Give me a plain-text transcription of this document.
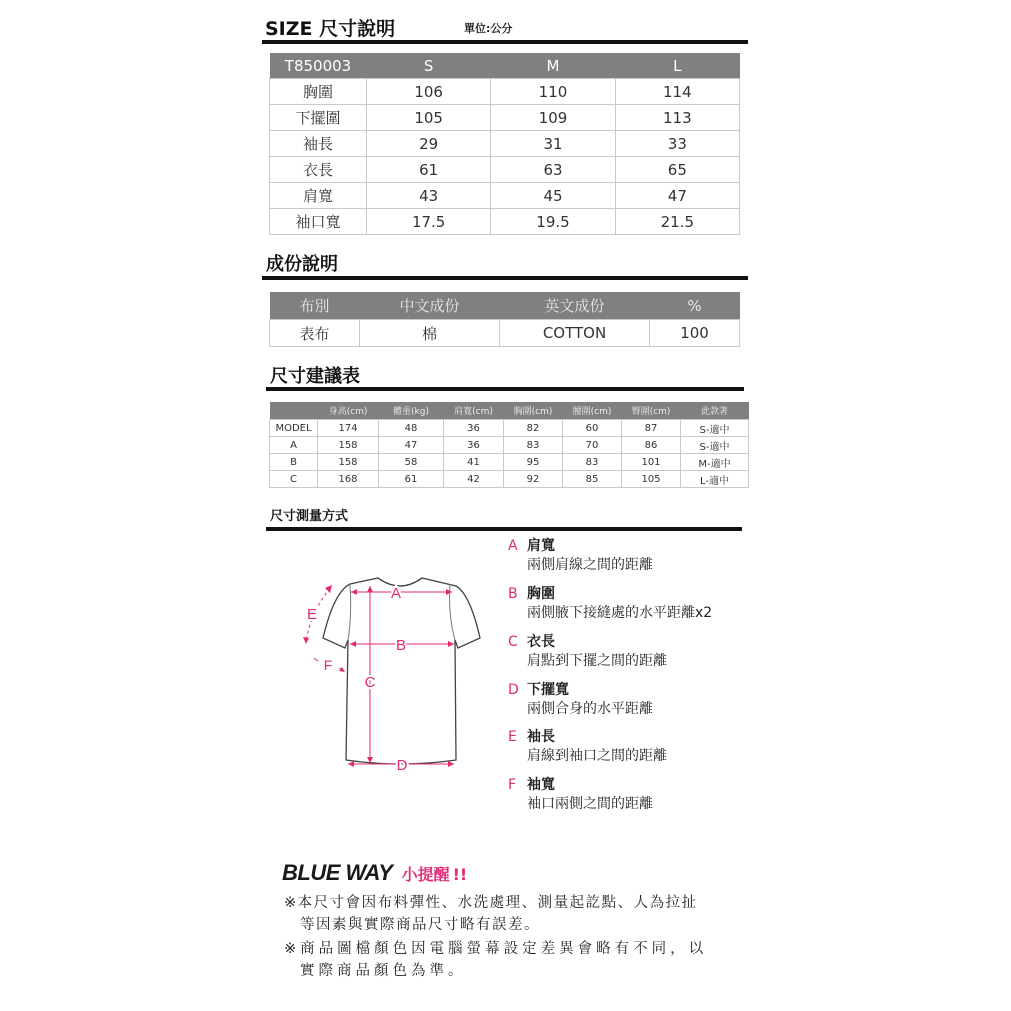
SIZE 尺寸說明	單位:公分
T850003	S	M	L
胸圍	106	110	114
下擺圍	105	109	113
袖長	29	31	33
衣長	61	63	65
肩寬	43	45	47
袖口寬	17.5	19.5	21.5
成份說明
布別	中文成份	英文成份	%
表布	棉	COTTON	100
尺寸建議表
	身高(cm)	體重(kg)	肩寬(cm)	胸圍(cm)	腰圍(cm)	臀圍(cm)	此款著
MODEL	174	48	36	82	60	87	S-適中
A	158	47	36	83	70	86	S-適中
B	158	58	41	95	83	101	M-適中
C	168	61	42	92	85	105	L-適中
尺寸測量方式
A
B
C
D
E
F
A 肩寬
兩側肩線之間的距離
B 胸圍
兩側腋下接縫處的水平距離x2
C 衣長
肩點到下擺之間的距離
D 下擺寬
兩側合身的水平距離
E 袖長
肩線到袖口之間的距離
F 袖寬
袖口兩側之間的距離
BLUE WAY 小提醒 !!
※本尺寸會因布料彈性、水洗處理、測量起訖點、人為拉扯
等因素與實際商品尺寸略有誤差。
※商品圖檔顏色因電腦螢幕設定差異會略有不同，以
實際商品顏色為準。
